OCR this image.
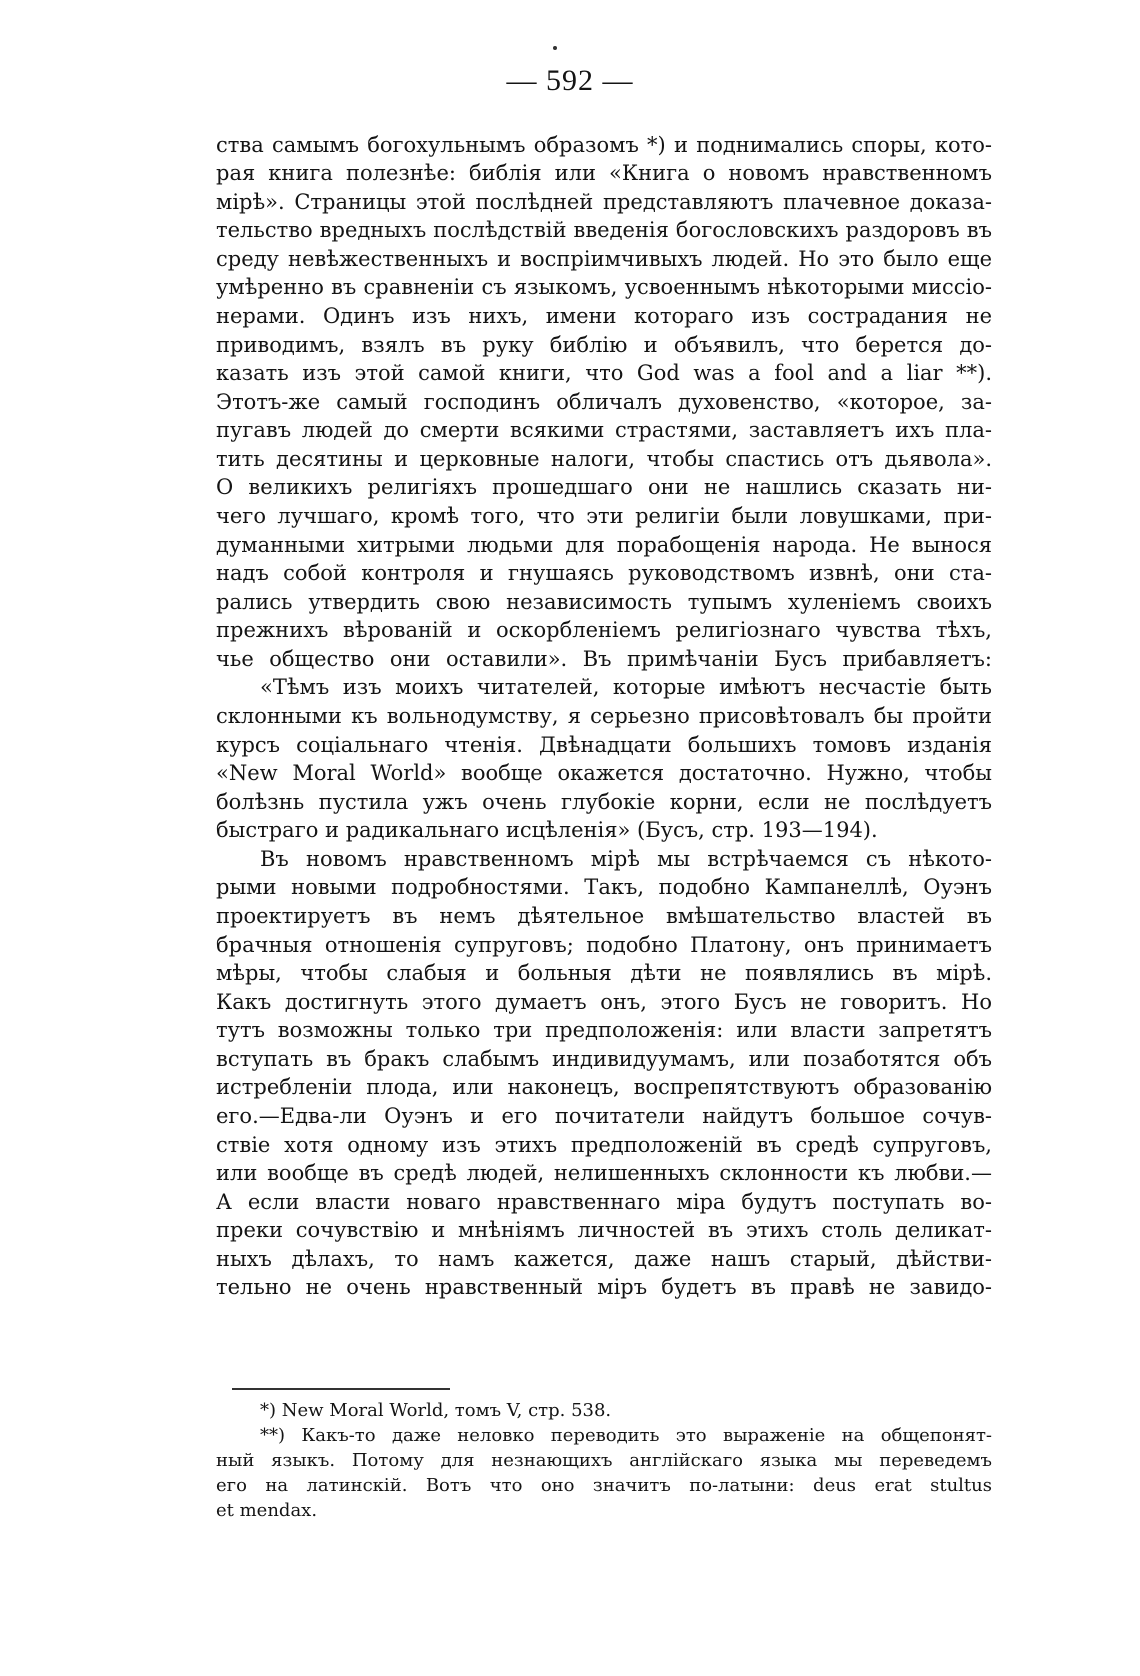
— 592 —
ства самымъ богохульнымъ образомъ *) и поднимались споры, кото-
рая книга полезнѣе: библія или «Книга о новомъ нравственномъ
мірѣ». Страницы этой послѣдней представляютъ плачевное доказа-
тельство вредныхъ послѣдствій введенія богословскихъ раздоровъ въ
среду невѣжественныхъ и воспріимчивыхъ людей. Но это было еще
умѣренно въ сравненіи съ языкомъ, усвоеннымъ нѣкоторыми миссіо-
нерами. Одинъ изъ нихъ, имени котораго изъ сострадания не
приводимъ, взялъ въ руку библію и объявилъ, что берется до-
казать изъ этой самой книги, что God was a fool and a liar **).
Этотъ-же самый господинъ обличалъ духовенство, «которое, за-
пугавъ людей до смерти всякими страстями, заставляетъ ихъ пла-
тить десятины и церковные налоги, чтобы спастись отъ дьявола».
О великихъ религіяхъ прошедшаго они не нашлись сказать ни-
чего лучшаго, кромѣ того, что эти религіи были ловушками, при-
думанными хитрыми людьми для порабощенія народа. Не вынося
надъ собой контроля и гнушаясь руководствомъ извнѣ, они ста-
рались утвердить свою независимость тупымъ хуленіемъ своихъ
прежнихъ вѣрованій и оскорбленіемъ религіознаго чувства тѣхъ,
чье общество они оставили». Въ примѣчаніи Бусъ прибавляетъ:
«Тѣмъ изъ моихъ читателей, которые имѣютъ несчастіе быть
склонными къ вольнодумству, я серьезно присовѣтовалъ бы пройти
курсъ соціальнаго чтенія. Двѣнадцати большихъ томовъ изданія
«New Moral World» вообще окажется достаточно. Нужно, чтобы
болѣзнь пустила ужъ очень глубокіе корни, если не послѣдуетъ
быстраго и радикальнаго исцѣленія» (Бусъ, стр. 193—194).
Въ новомъ нравственномъ мірѣ мы встрѣчаемся съ нѣкото-
рыми новыми подробностями. Такъ, подобно Кампанеллѣ, Оуэнъ
проектируетъ въ немъ дѣятельное вмѣшательство властей въ
брачныя отношенія супруговъ; подобно Платону, онъ принимаетъ
мѣры, чтобы слабыя и больныя дѣти не появлялись въ мірѣ.
Какъ достигнуть этого думаетъ онъ, этого Бусъ не говоритъ. Но
тутъ возможны только три предположенія: или власти запретятъ
вступать въ бракъ слабымъ индивидуумамъ, или позаботятся объ
истребленіи плода, или наконецъ, воспрепятствуютъ образованію
его.—Едва-ли Оуэнъ и его почитатели найдутъ большое сочув-
ствіе хотя одному изъ этихъ предположеній въ средѣ супруговъ,
или вообще въ средѣ людей, нелишенныхъ склонности къ любви.—
А если власти новаго нравственнаго міра будутъ поступать во-
преки сочувствію и мнѣніямъ личностей въ этихъ столь деликат-
ныхъ дѣлахъ, то намъ кажется, даже нашъ старый, дѣйстви-
тельно не очень нравственный міръ будетъ въ правѣ не завидо-
*) New Moral World, томъ V, стр. 538.
**) Какъ-то даже неловко переводить это выраженіе на общепонят-
ный языкъ. Потому для незнающихъ англійскаго языка мы переведемъ
его на латинскій. Вотъ что оно значитъ по-латыни: deus erat stultus
et mendax.
